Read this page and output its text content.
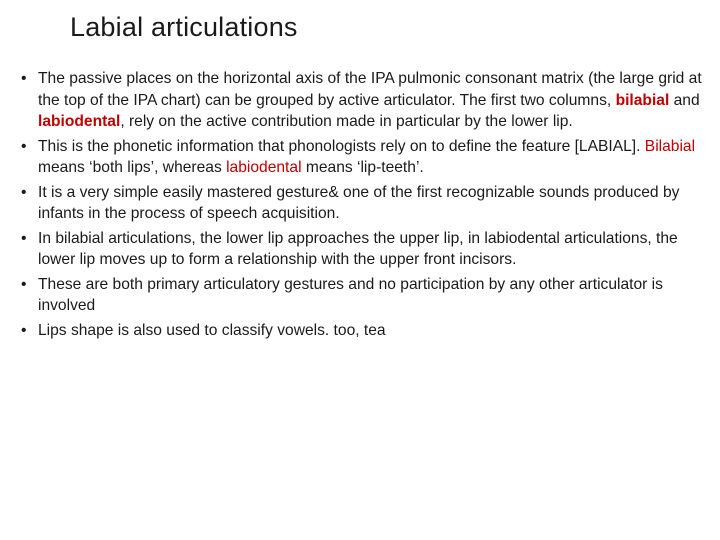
Labial articulations
• The passive places on the horizontal axis of the IPA pulmonic consonant matrix (the large grid at the top of the IPA chart) can be grouped by active articulator. The first two columns, bilabial and labiodental, rely on the active contribution made in particular by the lower lip.
• This is the phonetic information that phonologists rely on to define the feature [LABIAL]. Bilabial means ‘both lips’, whereas labiodental means ‘lip-teeth’.
• It is a very simple easily mastered gesture& one of the first recognizable sounds produced by infants in the process of speech acquisition.
• In bilabial articulations, the lower lip approaches the upper lip, in labiodental articulations, the lower lip moves up to form a relationship with the upper front incisors.
• These are both primary articulatory gestures and no participation by any other articulator is involved
• Lips shape is also used to classify vowels. too, tea
